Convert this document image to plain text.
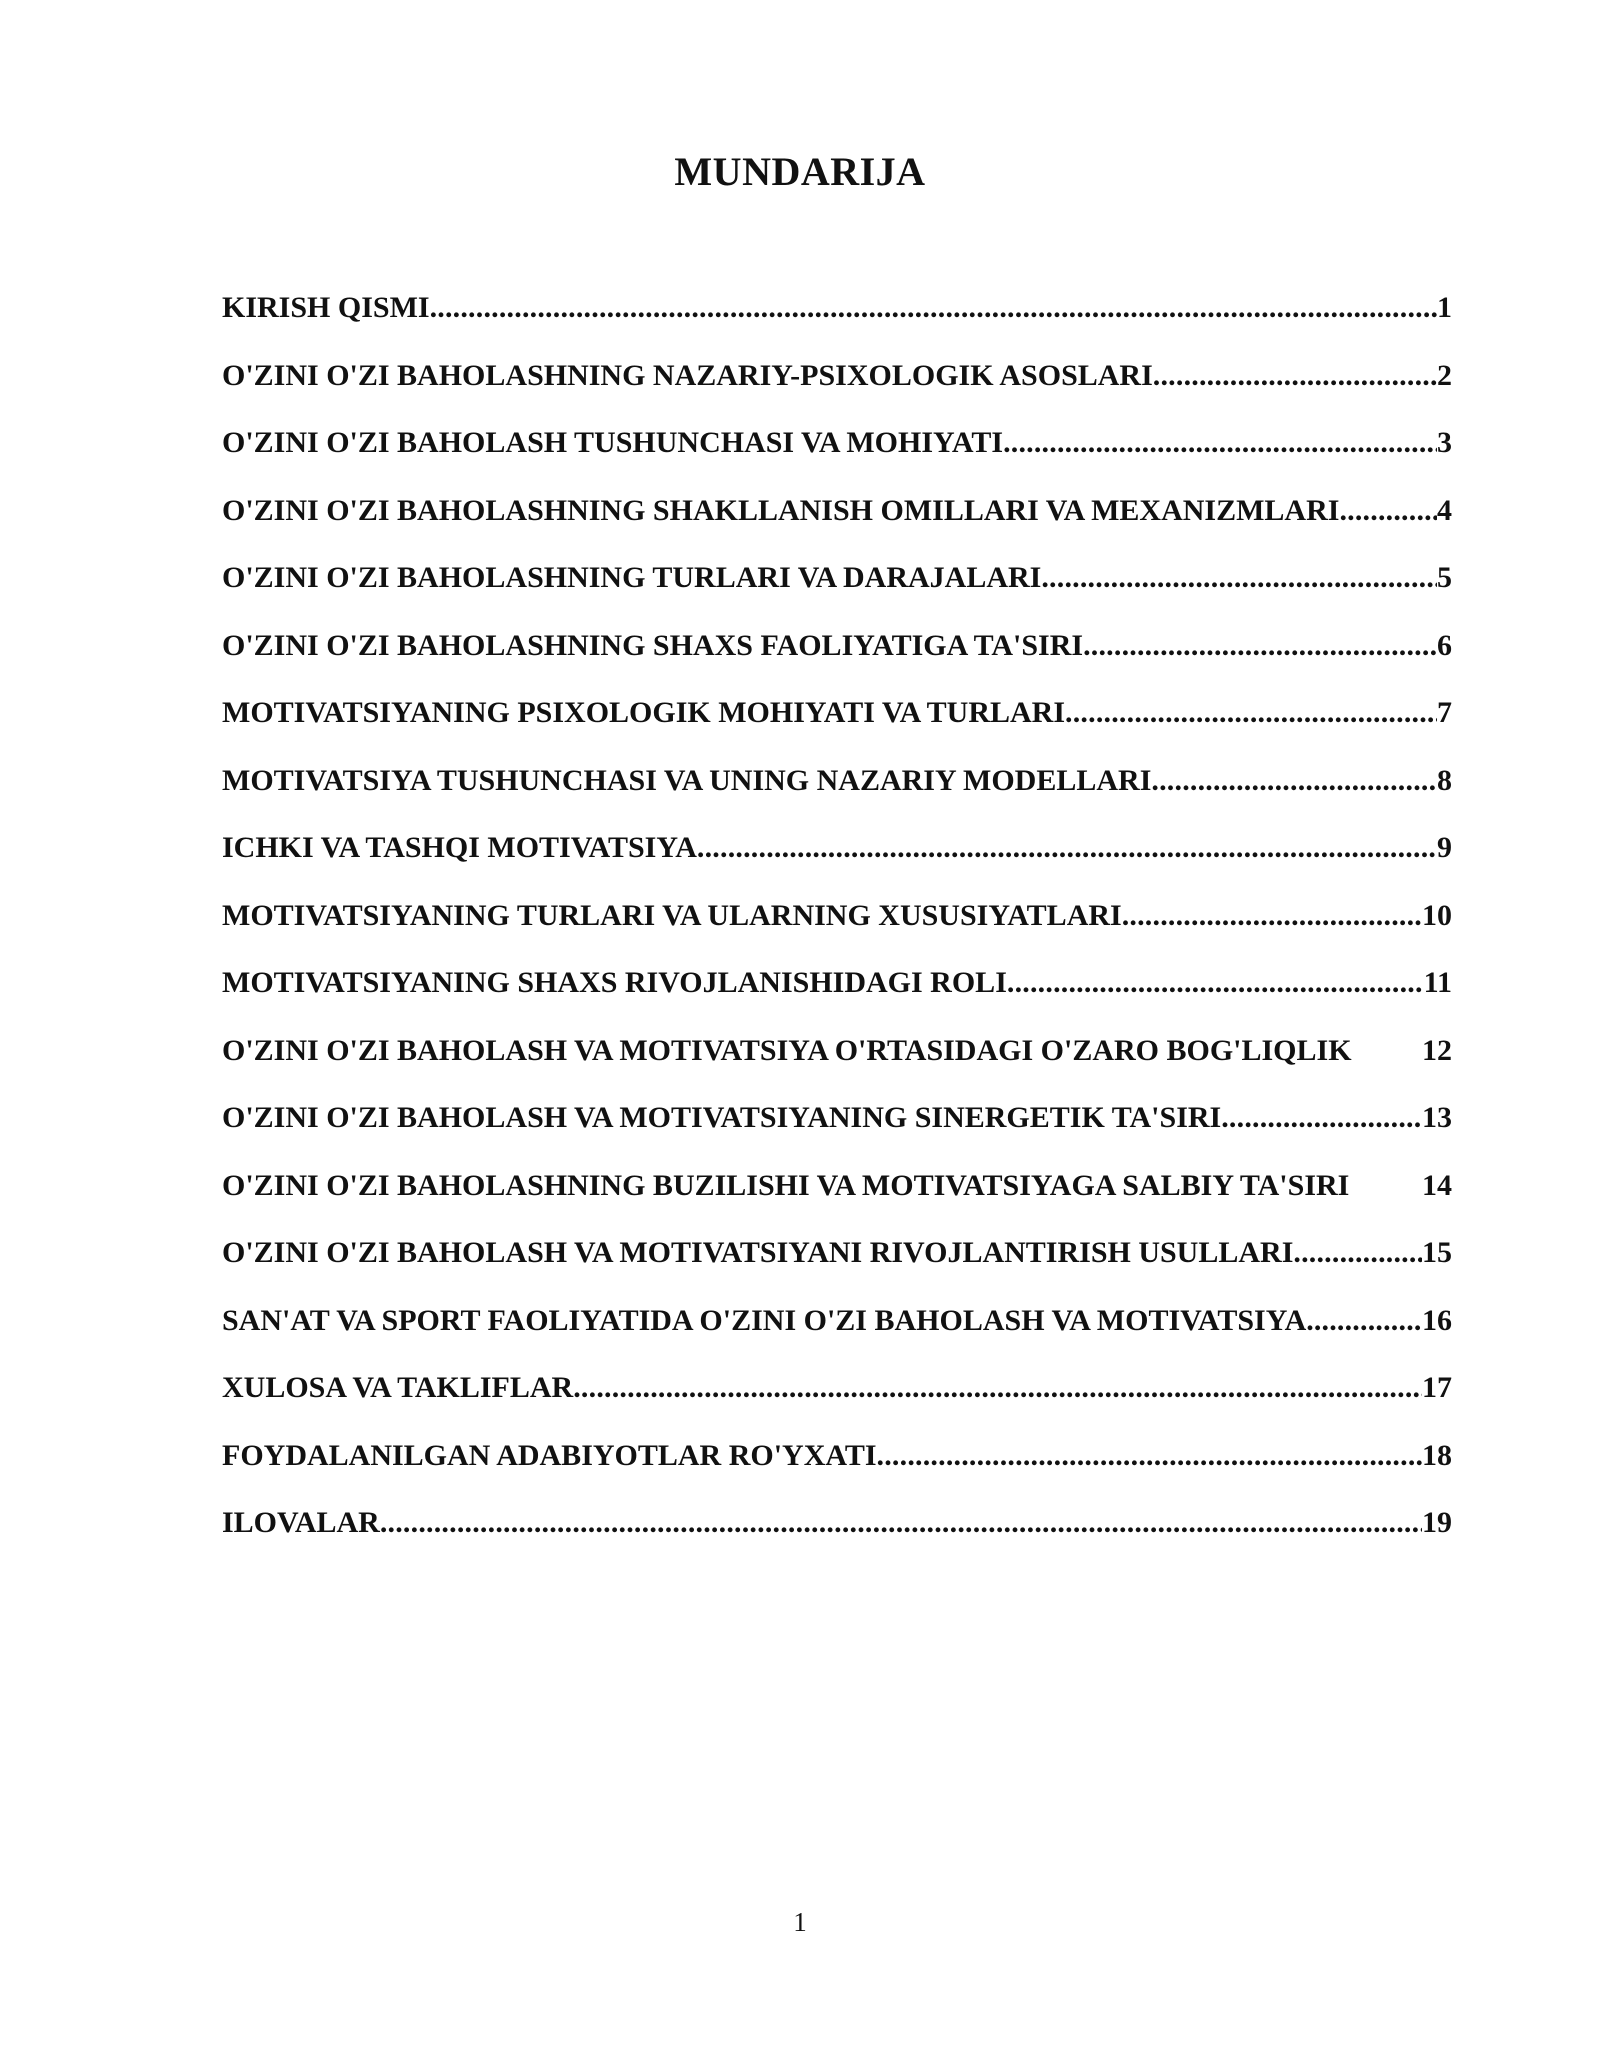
MUNDARIJA
KIRISH QISMI .....	1
O'ZINI O'ZI BAHOLASHNING NAZARIY-PSIXOLOGIK ASOSLARI .....	2
O'ZINI O'ZI BAHOLASH TUSHUNCHASI VA MOHIYATI .....	3
O'ZINI O'ZI BAHOLASHNING SHAKLLANISH OMILLARI VA MEXANIZMLARI .....	4
O'ZINI O'ZI BAHOLASHNING TURLARI VA DARAJALARI .....	5
O'ZINI O'ZI BAHOLASHNING SHAXS FAOLIYATIGA TA'SIRI .....	6
MOTIVATSIYANING PSIXOLOGIK MOHIYATI VA TURLARI .....	7
MOTIVATSIYA TUSHUNCHASI VA UNING NAZARIY MODELLARI .....	8
ICHKI VA TASHQI MOTIVATSIYA .....	9
MOTIVATSIYANING TURLARI VA ULARNING XUSUSIYATLARI .....	10
MOTIVATSIYANING SHAXS RIVOJLANISHIDAGI ROLI .....	11
O'ZINI O'ZI BAHOLASH VA MOTIVATSIYA O'RTASIDAGI O'ZARO BOG'LIQLIK 12
O'ZINI O'ZI BAHOLASH VA MOTIVATSIYANING SINERGETIK TA'SIRI .....	13
O'ZINI O'ZI BAHOLASHNING BUZILISHI VA MOTIVATSIYAGA SALBIY TA'SIRI 14
O'ZINI O'ZI BAHOLASH VA MOTIVATSIYANI RIVOJLANTIRISH USULLARI .....	15
SAN'AT VA SPORT FAOLIYATIDA O'ZINI O'ZI BAHOLASH VA MOTIVATSIYA. .....	16
XULOSA VA TAKLIFLAR .....	17
FOYDALANILGAN ADABIYOTLAR RO'YXATI .....	18
ILOVALAR .....	19
1
